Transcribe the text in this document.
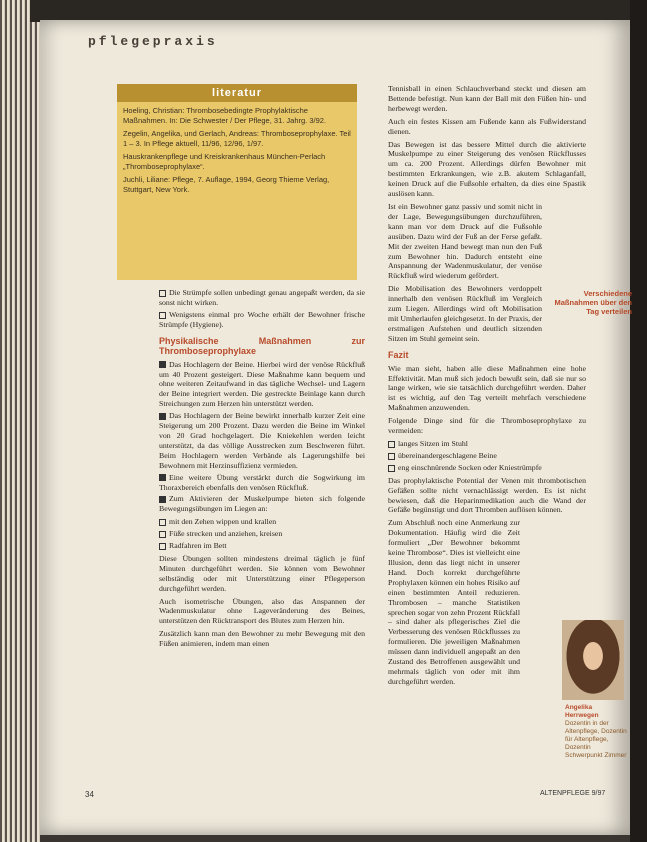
pflegepraxis
literatur
Hoeling, Christian: Thrombosebedingte Prophylaktische Maßnahmen. In: Die Schwester / Der Pflege, 31. Jahrg. 3/92.
Zegelin, Angelika, und Gerlach, Andreas: Thromboseprophylaxe. Teil 1 – 3. In Pflege aktuell, 11/96, 12/96, 1/97.
Hauskrankenpflege und Kreiskrankenhaus München-Perlach „Thromboseprophylaxe“.
Juchli, Liliane: Pflege, 7. Auflage, 1994, Georg Thieme Verlag, Stuttgart, New York.
Die Strümpfe sollen unbedingt genau angepaßt werden, da sie sonst nicht wirken.
Wenigstens einmal pro Woche erhält der Bewohner frische Strümpfe (Hygiene).
Physikalische Maßnahmen zur Thromboseprophylaxe
Das Hochlagern der Beine. Hierbei wird der venöse Rückfluß um 40 Prozent gesteigert. Diese Maßnahme kann bequem und ohne weiteren Zeitaufwand in das tägliche Wechsel- und Lagern der Beine integriert werden. Die gestreckte Beinlage kann durch Streichungen zum Herzen hin unterstützt werden.
Das Hochlagern der Beine bewirkt innerhalb kurzer Zeit eine Steigerung um 200 Prozent. Dazu werden die Beine im Winkel von 20 Grad hochgelagert. Die Kniekehlen werden leicht unterstützt, da das völlige Ausstrecken zum Beschweren führt. Beim Hochlagern werden Verbände als Lagerungshilfe bei Bewohnern mit Herzinsuffizienz vermieden.
Eine weitere Übung verstärkt durch die Sogwirkung im Thoraxbereich ebenfalls den venösen Rückfluß.
Zum Aktivieren der Muskelpumpe bieten sich folgende Bewegungsübungen im Liegen an:
mit den Zehen wippen und krallen
Füße strecken und anziehen, kreisen
Radfahren im Bett

Diese Übungen sollten mindestens dreimal täglich je fünf Minuten durchgeführt werden. Sie können vom Bewohner selbständig oder mit Unterstützung einer Pflegeperson durchgeführt werden.

Auch isometrische Übungen, also das Anspannen der Wadenmuskulatur ohne Lageveränderung des Beines, unterstützen den Rücktransport des Blutes zum Herzen hin.

Zusätzlich kann man den Bewohner zu mehr Bewegung mit den Füßen animieren, indem man einen

Tennisball in einen Schlauchverband steckt und diesen am Bettende befestigt. Nun kann der Ball mit den Füßen hin- und herbewegt werden.

Auch ein festes Kissen am Fußende kann als Fußwiderstand dienen.

Das Bewegen ist das bessere Mittel durch die aktivierte Muskelpumpe zu einer Steigerung des venösen Rückflusses um ca. 200 Prozent. Allerdings dürfen Bewohner mit bestimmten Erkrankungen, wie z.B. akutem Schlaganfall, keinen Druck auf die Fußsohle erhalten, da dies eine Spastik auslösen kann.

Ist ein Bewohner ganz passiv und somit nicht in der Lage, Bewegungsübungen durchzuführen, kann man vor dem Druck auf die Fußsohle ausüben. Dazu wird der Fuß an der Ferse gefaßt. Mit der zweiten Hand bewegt man nun den Fuß zum Bewohner hin. Dadurch entsteht eine Anspannung der Wadenmuskulatur, der venöse Rückfluß wird wiederum gefördert.

Die Mobilisation des Bewohners verdoppelt innerhalb den venösen Rückfluß im Vergleich zum Liegen. Allerdings wird oft Mobilisation mit Umherlaufen gleichgesetzt. In der Praxis, der erstmaligen Aufstehen und deutlich sitzenden Sitzen im Stuhl gemeint sein.

Fazit

Wie man sieht, haben alle diese Maßnahmen eine hohe Effektivität. Man muß sich jedoch bewußt sein, daß sie nur so lange wirken, wie sie tatsächlich durchgeführt werden. Daher ist es wichtig, auf den Tag verteilt mehrfach verschiedene Maßnahmen anzuwenden.

Folgende Dinge sind für die Thromboseprophylaxe zu vermeiden:

langes Sitzen im Stuhl
übereinandergeschlagene Beine
eng einschnürende Socken oder Kniestrümpfe

Das prophylaktische Potential der Venen mit thrombotischen Gefäßen sollte nicht vernachlässigt werden. Es ist nicht bewiesen, daß die Heparinmedikation auch die Wand der Gefäße begünstigt und dort Thromben auflösen können.

Zum Abschluß noch eine Anmerkung zur Dokumentation. Häufig wird die Zeit formuliert „Der Bewohner bekommt keine Thrombose“. Dies ist vielleicht eine Illusion, denn das liegt nicht in unserer Hand. Doch korrekt durchgeführte Prophylaxen können ein hohes Risiko auf einen bestimmten Anteil reduzieren. Thrombosen – manche Statistiken sprechen sogar von zehn Prozent Rückfall – sind daher als pflegerisches Ziel die Verbesserung des venösen Rückflusses zu formulieren. Die jeweiligen Maßnahmen müssen dann individuell angepaßt an den Zustand des Betroffenen ausgewählt und mehrmals täglich von oder mit ihm durchgeführt werden.

Verschiedene Maßnahmen über den Tag verteilen
Angelika Herrwegen
Dozentin in der Altenpflege, Dozentin für Altenpflege, Dozentin Schwerpunkt Zimmer
34	ALTENPFLEGE 9/97
